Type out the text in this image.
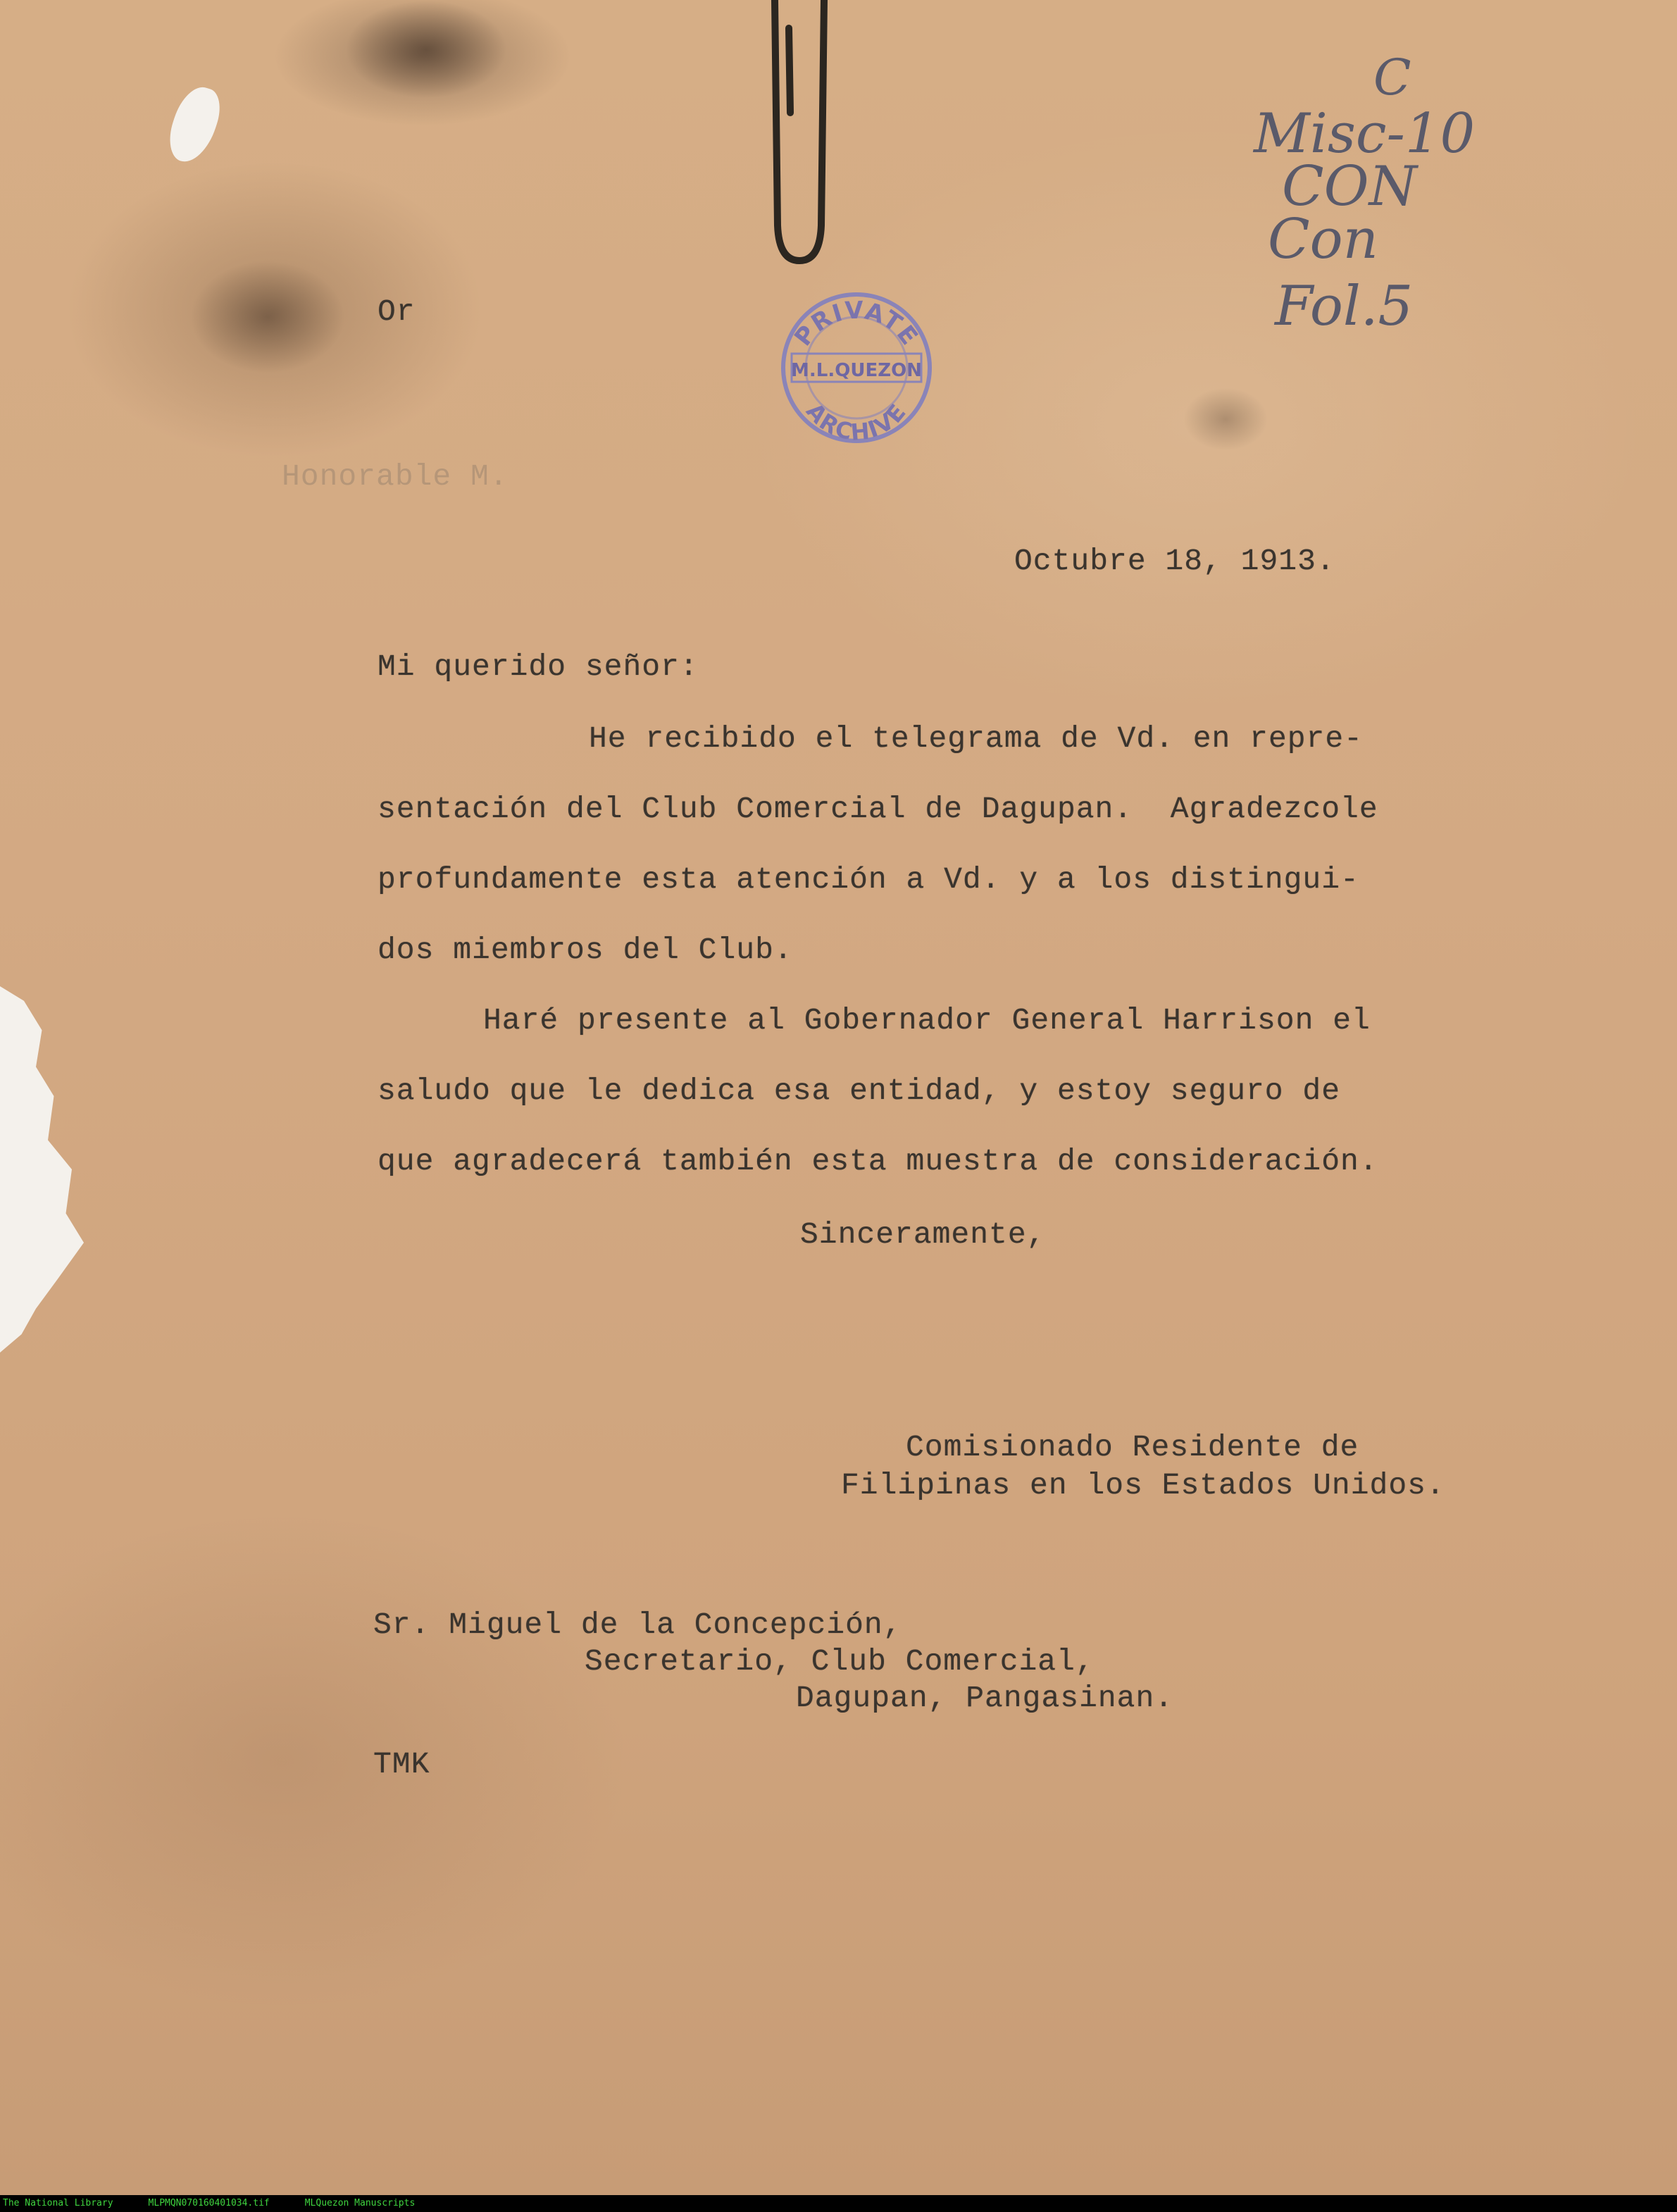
Or

Honorable M.

PRIVATE
M.L.QUEZON
ARCHIVE

C

Misc-10

CON

Con

Fol.5

Octubre 18, 1913.

Mi querido señor:

He recibido el telegrama de Vd. en repre-

sentación del Club Comercial de Dagupan.  Agradezcole

profundamente esta atención a Vd. y a los distingui-

dos miembros del Club.

Haré presente al Gobernador General Harrison el

saludo que le dedica esa entidad, y estoy seguro de

que agradecerá también esta muestra de consideración.

Sinceramente,

Comisionado Residente de

Filipinas en los Estados Unidos.

Sr. Miguel de la Concepción,

Secretario, Club Comercial,

Dagupan, Pangasinan.

TMK

The National Library	MLPMQN070160401034.tif	MLQuezon Manuscripts
